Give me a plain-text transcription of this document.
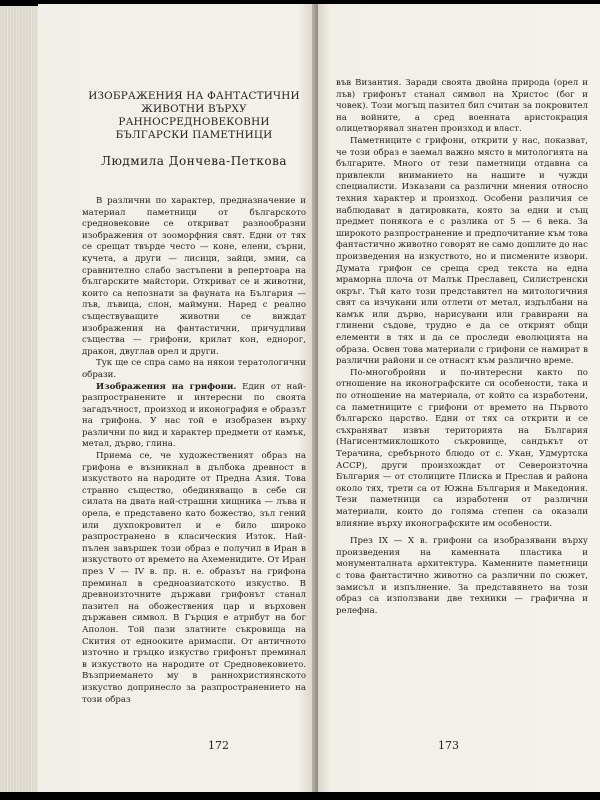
ИЗОБРАЖЕНИЯ НА ФАНТАСТИЧНИ ЖИВОТНИ ВЪРХУ РАННОСРЕДНОВЕКОВНИ БЪЛГАРСКИ ПАМЕТНИЦИ
Людмила Дончева-Петкова

В различни по характер, предназначение и материал паметници от българското средновековие се откриват разнообразни изображения от зооморфния свят. Едни от тях се срещат твърде често — коне, елени, сърни, кучета, а други — лисици, зайци, змии, са сравнително слабо застъпени в репертоара на българските майстори. Откриват се и животни, които са непознати за фауната на България — лъв, лъвица, слон, маймуни. Наред с реално съществуващите животни се виждат изображения на фантастични, причудливи същества — грифони, крилат кон, еднорог, дракон, двуглав орел и други.

Тук ще се спра само на някои тератологични образи.

Изображения на грифони. Един от най-разпространените и интересни по своята загадъчност, произход и иконография е образът на грифона. У нас той е изобразен върху различни по вид и характер предмети от камък, метал, дърво, глина.

Приема се, че художественият образ на грифона е възникнал в дълбока древност в изкуството на народите от Предна Азия. Това странно същество, обединяващо в себе си силата на двата най-страшни хищника — лъва и орела, е представено като божество, зъл гений или духпокровител и е било широко разпространено в класическия Изток. Най-пълен завършек този образ е получил в Иран в изкуството от времето на Ахеменидите. От Иран през V — IV в. пр. н. е. образът на грифона преминал в средноазиатското изкуство. В древноизточните държави грифонът станал пазител на обожествения цар и върховен държавен символ. В Гърция е атрибут на бог Аполон. Той пази златните съкровища на Скития от еднооките аримаспи. От античното източно и гръцко изкуство грифонът преминал в изкуството на народите от Средновековието. Възприемането му в раннохристиянското изкуство допринесло за разпространението на този образ

172

във Византия. Заради своята двойна природа (орел и лъв) грифонът станал символ на Христос (бог и човек). Този могъщ пазител бил считан за покровител на войните, а сред военната аристокрация олицетворявал знатен произход и власт.

Паметниците с грифони, открити у нас, показват, че този образ е заемал важно място в митологията на българите. Много от тези паметници отдавна са привлекли вниманието на нашите и чужди специалисти. Изказани са различни мнения относно техния характер и произход. Особени различия се наблюдават в датировката, която за едни и същ предмет понякога е с разлика от 5 — 6 века. За широкото разпространение и предпочитание към това фантастично животно говорят не само дошлите до нас произведения на изкуството, но и писмените извори. Думата грифон се среща сред текста на една мраморна плоча от Малък Преславец, Силистренски окръг. Тъй като този представител на митологичния свят са изчукани или отлети от метал, издълбани на камък или дърво, нарисувани или гравирани на глинени съдове, трудно е да се открият общи елементи в тях и да се проследи еволюцията на образа. Освен това материали с грифони се намират в различни райони и се отнасят към различно време.

По-многобройни и по-интересни както по отношение на иконографските си особености, така и по отношение на материала, от който са изработени, са паметниците с грифони от времето на Първото българско царство. Едни от тях са открити и се съхраняват извън територията на България (Нагисентмиклошкото съкровище, сандъкът от Терачина, сребърното блюдо от с. Укан, Удмуртска АССР), други произхождат от Североизточна България — от столиците Плиска и Преслав и района около тях, трети са от Южна България и Македония. Тези паметници са изработени от различни материали, които до голяма степен са оказали влияние върху иконографските им особености.

През IX — X в. грифони са изобразявани върху произведения на каменната пластика и монументалната архитектура. Каменните паметници с това фантастично животно са различни по сюжет, замисъл и изпълнение. За представянето на този образ са използвани две техники — графична и релефна.

173
